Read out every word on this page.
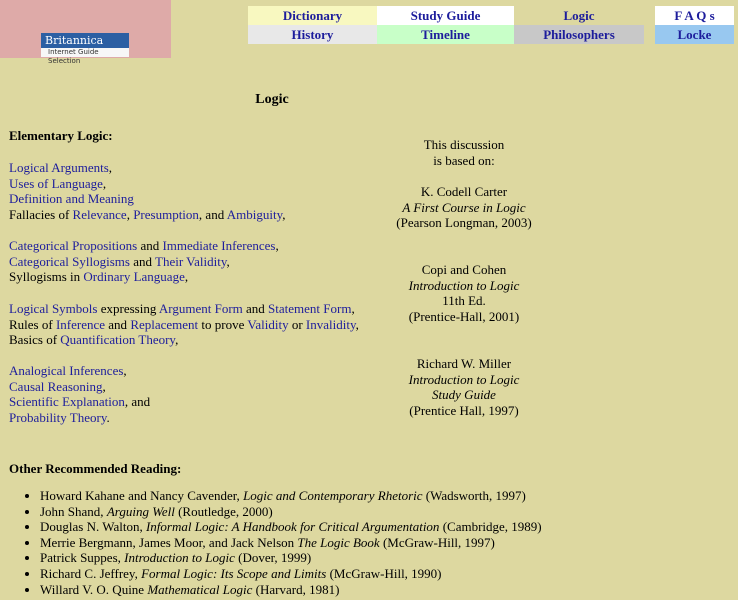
Britannica
Internet Guide Selection
Dictionary	Study Guide	Logic	F A Q s
History	Timeline	Philosophers	Locke
Logic
Elementary Logic:
Logical Arguments,
Uses of Language,
Definition and Meaning
Fallacies of Relevance, Presumption, and Ambiguity,
Categorical Propositions and Immediate Inferences,
Categorical Syllogisms and Their Validity,
Syllogisms in Ordinary Language,
Logical Symbols expressing Argument Form and Statement Form,
Rules of Inference and Replacement to prove Validity or Invalidity,
Basics of Quantification Theory,
Analogical Inferences,
Causal Reasoning,
Scientific Explanation, and
Probability Theory.
This discussion
is based on:
K. Codell Carter
A First Course in Logic
(Pearson Longman, 2003)
Copi and Cohen
Introduction to Logic
11th Ed.
(Prentice-Hall, 2001)
Richard W. Miller
Introduction to Logic
Study Guide
(Prentice Hall, 1997)
Other Recommended Reading:
• Howard Kahane and Nancy Cavender, Logic and Contemporary Rhetoric (Wadsworth, 1997)
• John Shand, Arguing Well (Routledge, 2000)
• Douglas N. Walton, Informal Logic: A Handbook for Critical Argumentation (Cambridge, 1989)
• Merrie Bergmann, James Moor, and Jack Nelson The Logic Book (McGraw-Hill, 1997)
• Patrick Suppes, Introduction to Logic (Dover, 1999)
• Richard C. Jeffrey, Formal Logic: Its Scope and Limits (McGraw-Hill, 1990)
• Willard V. O. Quine Mathematical Logic (Harvard, 1981)
